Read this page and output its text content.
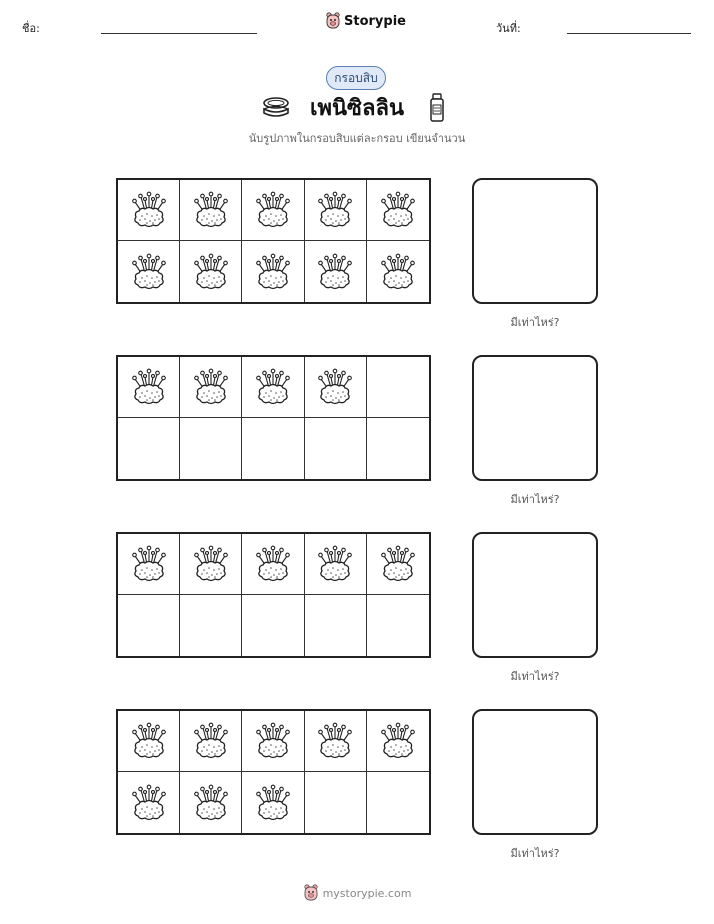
ชื่อ:	Storypie	วันที่:
กรอบสิบ
เพนิซิลลิน
นับรูปภาพในกรอบสิบแต่ละกรอบ เขียนจำนวน
มีเท่าไหร่?
มีเท่าไหร่?
มีเท่าไหร่?
มีเท่าไหร่?
mystorypie.com
